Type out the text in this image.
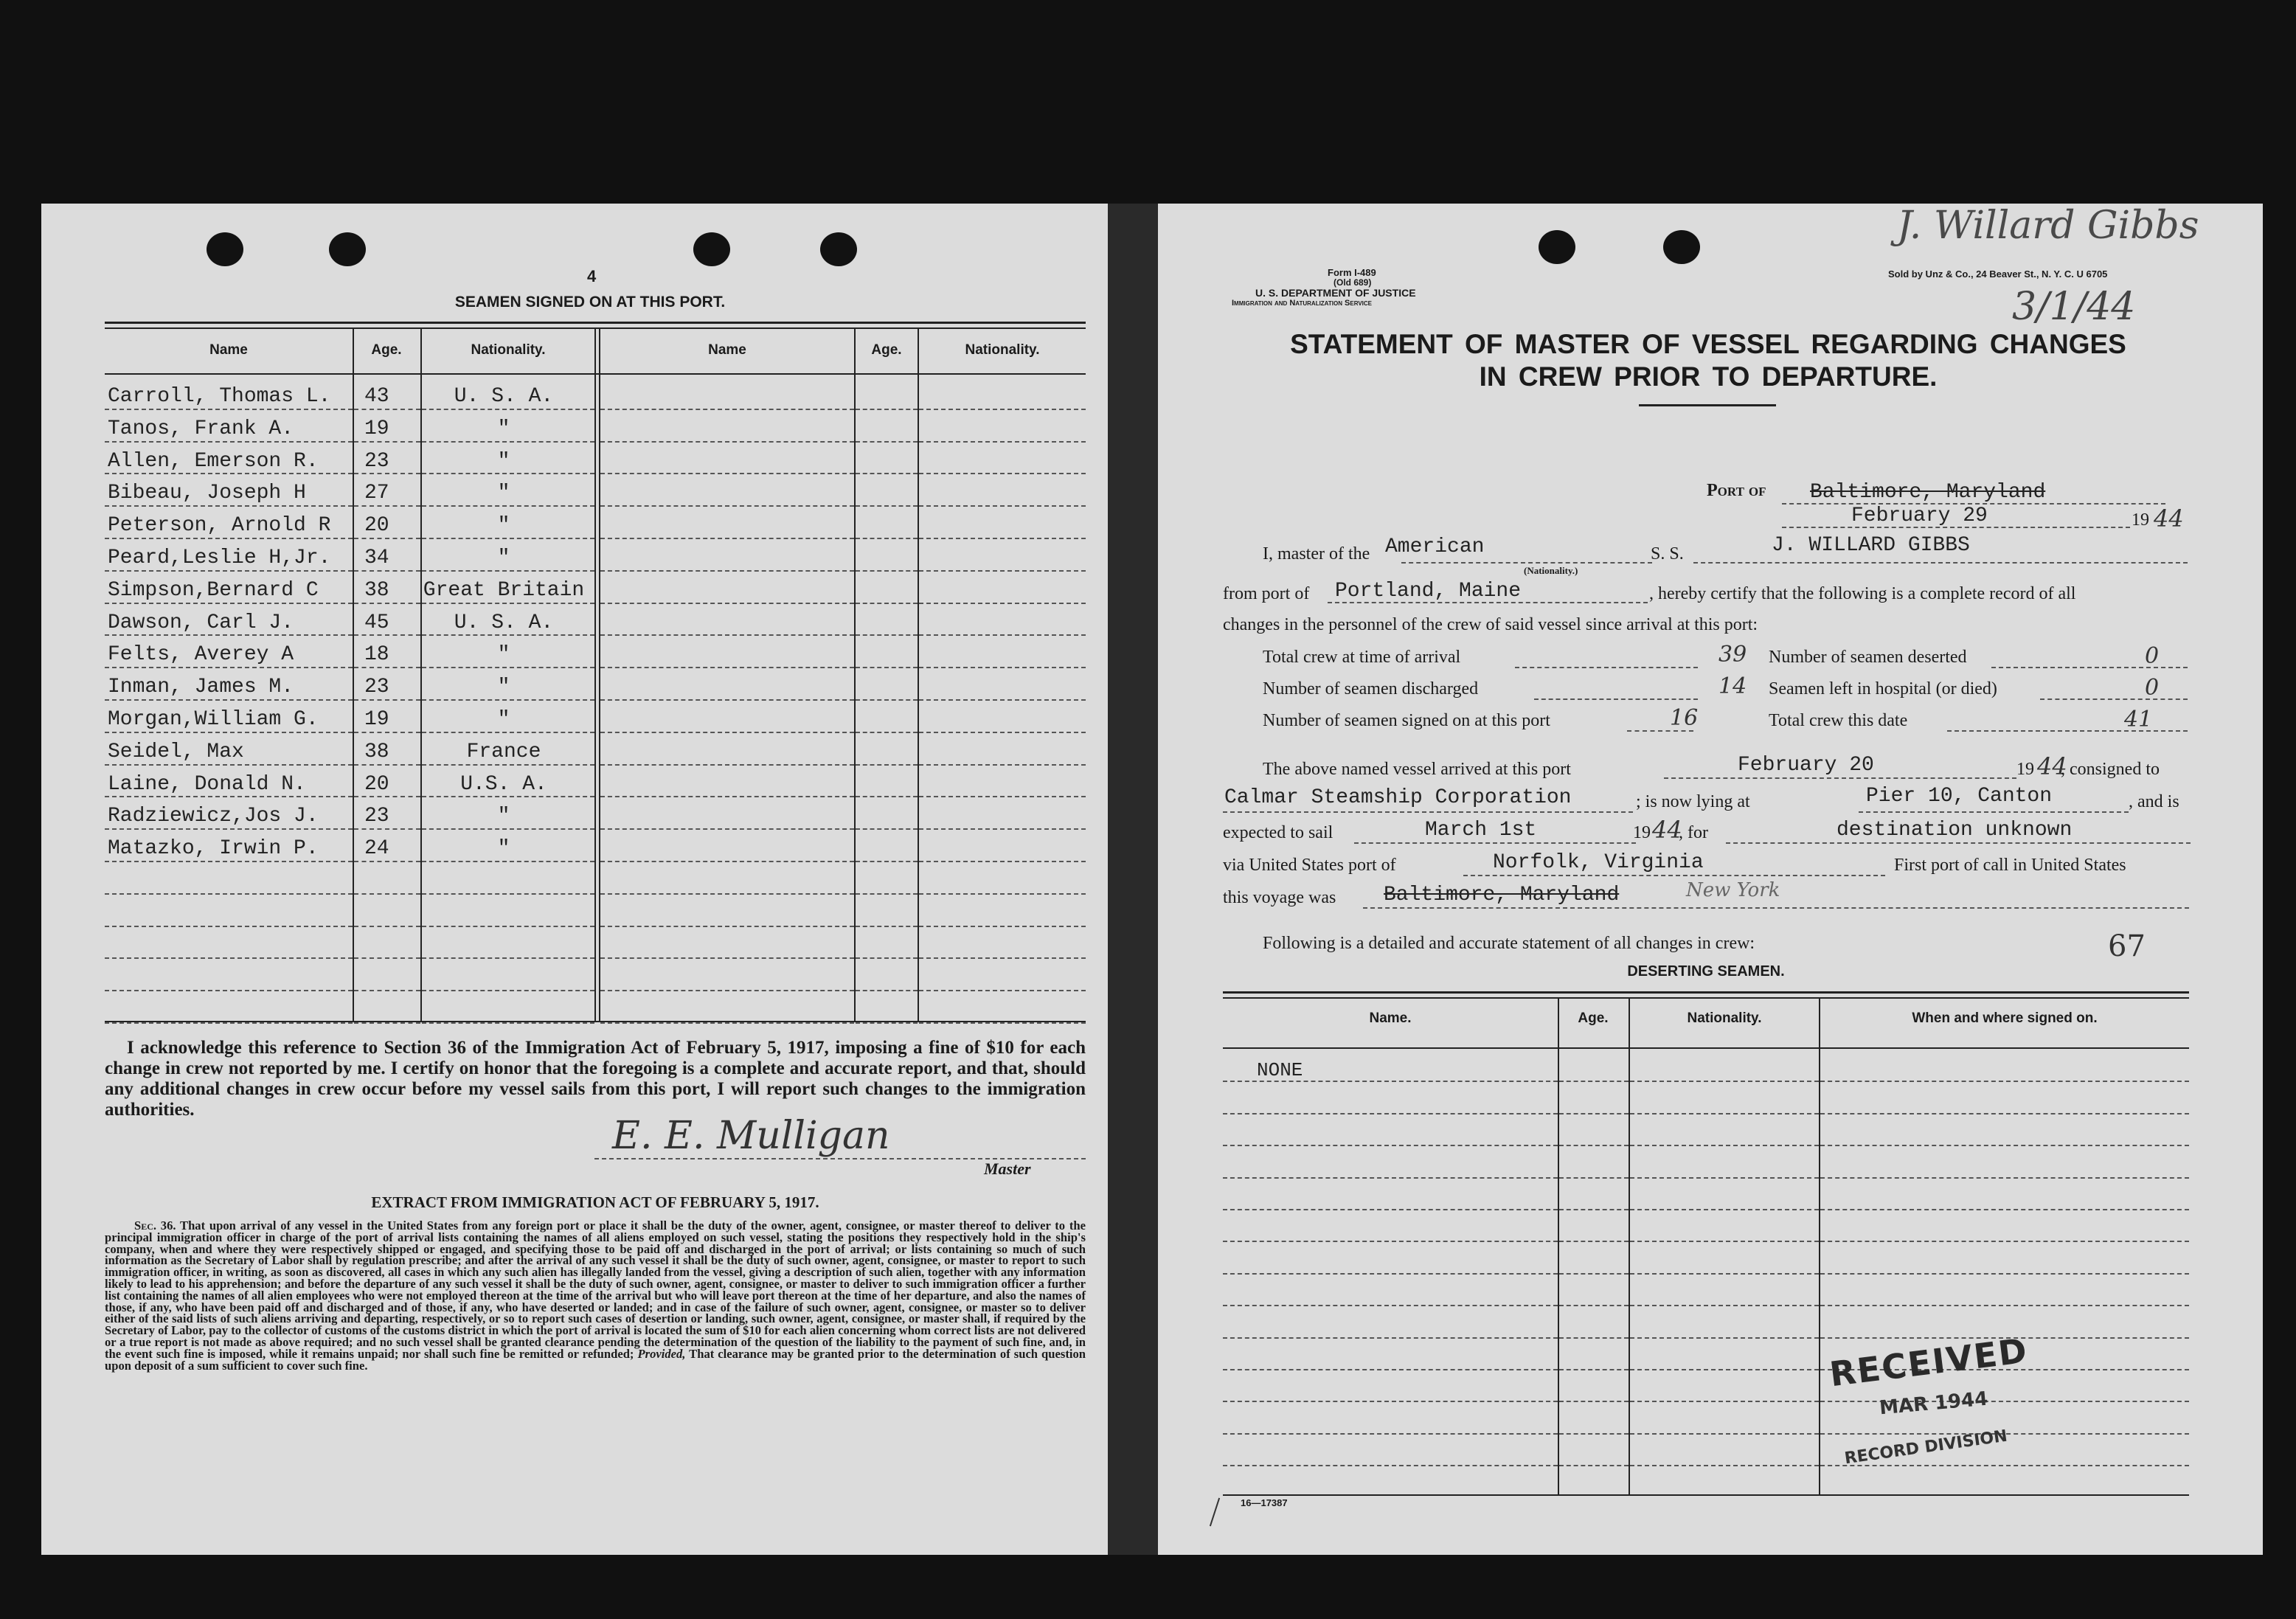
4
SEAMEN SIGNED ON AT THIS PORT.
Name	Age.	Nationality.	Name	Age.	Nationality.
Carroll, Thomas L. 43	U. S. A.
Tanos, Frank A.	19	"
Allen, Emerson R. 23	"
Bibeau, Joseph H	27	"
Peterson, Arnold R 20	"
Peard,Leslie H,Jr. 34	"
Simpson,Bernard C 38	Great Britain
Dawson, Carl J.	45	U. S. A.
Felts, Averey A	18	"
Inman, James M.	23	"
Morgan,William G. 19	"
Seidel, Max	38	France
Laine, Donald N.	20	U.S. A.
Radziewicz,Jos J. 23	"
Matazko, Irwin P. 24	"
I acknowledge this reference to Section 36 of the Immigration Act of February 5, 1917, imposing a fine of $10 for each change in crew not reported by me. I certify on honor that the foregoing is a complete and accurate report, and that, should any additional changes in crew occur before my vessel sails from this port, I will report such changes to the immigration authorities.
E. E. Mulligan
Master
EXTRACT FROM IMMIGRATION ACT OF FEBRUARY 5, 1917.
Sec. 36. That upon arrival of any vessel in the United States from any foreign port or place it shall be the duty of the owner, agent, consignee, or master thereof to deliver to the principal immigration officer in charge of the port of arrival lists containing the names of all aliens employed on such vessel, stating the positions they respectively hold in the ship's company, when and where they were respectively shipped or engaged, and specifying those to be paid off and discharged in the port of arrival; or lists containing so much of such information as the Secretary of Labor shall by regulation prescribe; and after the arrival of any such vessel it shall be the duty of such owner, agent, consignee, or master to report to such immigration officer, in writing, as soon as discovered, all cases in which any such alien has illegally landed from the vessel, giving a description of such alien, together with any information likely to lead to his apprehension; and before the departure of any such vessel it shall be the duty of such owner, agent, consignee, or master to deliver to such immigration officer a further list containing the names of all alien employees who were not employed thereon at the time of the arrival but who will leave port thereon at the time of her departure, and also the names of those, if any, who have been paid off and discharged and of those, if any, who have deserted or landed; and in case of the failure of such owner, agent, consignee, or master so to deliver either of the said lists of such aliens arriving and departing, respectively, or so to report such cases of desertion or landing, such owner, agent, consignee, or master shall, if required by the Secretary of Labor, pay to the collector of customs of the customs district in which the port of arrival is located the sum of $10 for each alien concerning whom correct lists are not delivered or a true report is not made as above required; and no such vessel shall be granted clearance pending the determination of the question of the liability to the payment of such fine, and, in the event such fine is imposed, while it remains unpaid; nor shall such fine be remitted or refunded; Provided, That clearance may be granted prior to the determination of such question upon deposit of a sum sufficient to cover such fine.
Form I-489
(Old 689)
U. S. DEPARTMENT OF JUSTICE
Immigration and Naturalization Service
Sold by Unz & Co., 24 Beaver St., N. Y. C. U 6705
J. Willard Gibbs
3/1/44
STATEMENT OF MASTER OF VESSEL REGARDING CHANGES
IN CREW PRIOR TO DEPARTURE.
Port of Baltimore, Maryland
February 29	19 44
I, master of the American
(Nationality.)
S. S.	J. WILLARD GIBBS
from port of Portland, Maine	, hereby certify that the following is a complete record of all
changes in the personnel of the crew of said vessel since arrival at this port:
Total crew at time of arrival	39
Number of seamen discharged	14
Number of seamen signed on at this port	16
Number of seamen deserted	0
Seamen left in hospital (or died)	0
Total crew this date	41
The above named vessel arrived at this port	February 20	19 44
, consigned to
Calmar Steamship Corporation	; is now lying at	Pier 10, Canton	, and is
expected to sail	March 1st	19 44
, for	destination unknown
via United States port of	Norfolk, Virginia	First port of call in United States
this voyage was Baltimore, Maryland	New York
Following is a detailed and accurate statement of all changes in crew:	67
DESERTING SEAMEN.
Name.	Age.	Nationality.	When and where signed on.
NONE
RECEIVED
MAR 1944
RECORD DIVISION
16—17387
